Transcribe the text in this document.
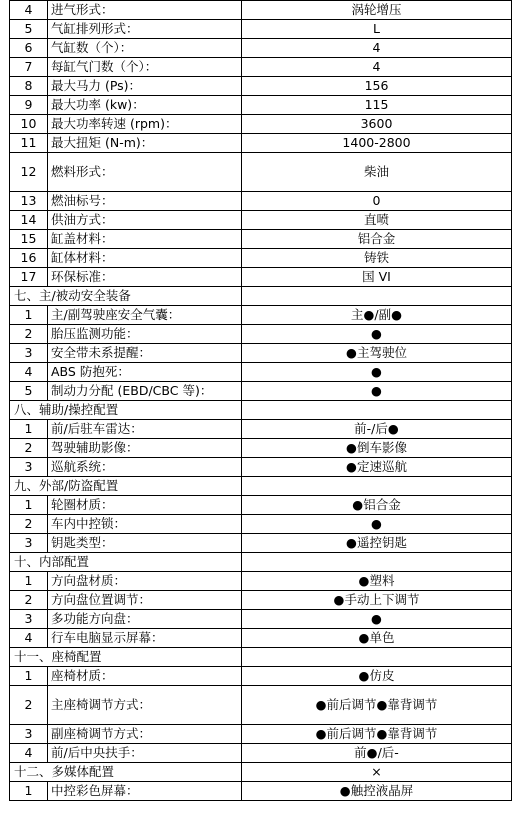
4	进气形式：	涡轮增压
5	气缸排列形式：	L
6	气缸数（个）：	4
7	每缸气门数（个）：	4
8	最大马力 (Ps)：	156
9	最大功率 (kw)：	115
10	最大功率转速 (rpm)：	3600
11	最大扭矩 (N-m)：	1400-2800
12	燃料形式：	柴油
13	燃油标号：	0
14	供油方式：	直喷
15	缸盖材料：	铝合金
16	缸体材料：	铸铁
17	环保标准：	国 VI
七、主/被动安全装备		
1	主/副驾驶座安全气囊：	主●/副●
2	胎压监测功能：	●
3	安全带未系提醒：	●主驾驶位
4	ABS 防抱死：	●
5	制动力分配 (EBD/CBC 等)：	●
八、辅助/操控配置		
1	前/后驻车雷达：	前-/后●
2	驾驶辅助影像：	●倒车影像
3	巡航系统：	●定速巡航
九、外部/防盗配置		
1	轮圈材质：	●铝合金
2	车内中控锁：	●
3	钥匙类型：	●遥控钥匙
十、内部配置		
1	方向盘材质：	●塑料
2	方向盘位置调节：	●手动上下调节
3	多功能方向盘：	●
4	行车电脑显示屏幕：	●单色
十一、座椅配置		
1	座椅材质：	●仿皮
2	主座椅调节方式：	●前后调节●靠背调节
3	副座椅调节方式：	●前后调节●靠背调节
4	前/后中央扶手：	前●/后-
十二、多媒体配置		×
1	中控彩色屏幕：	●触控液晶屏
